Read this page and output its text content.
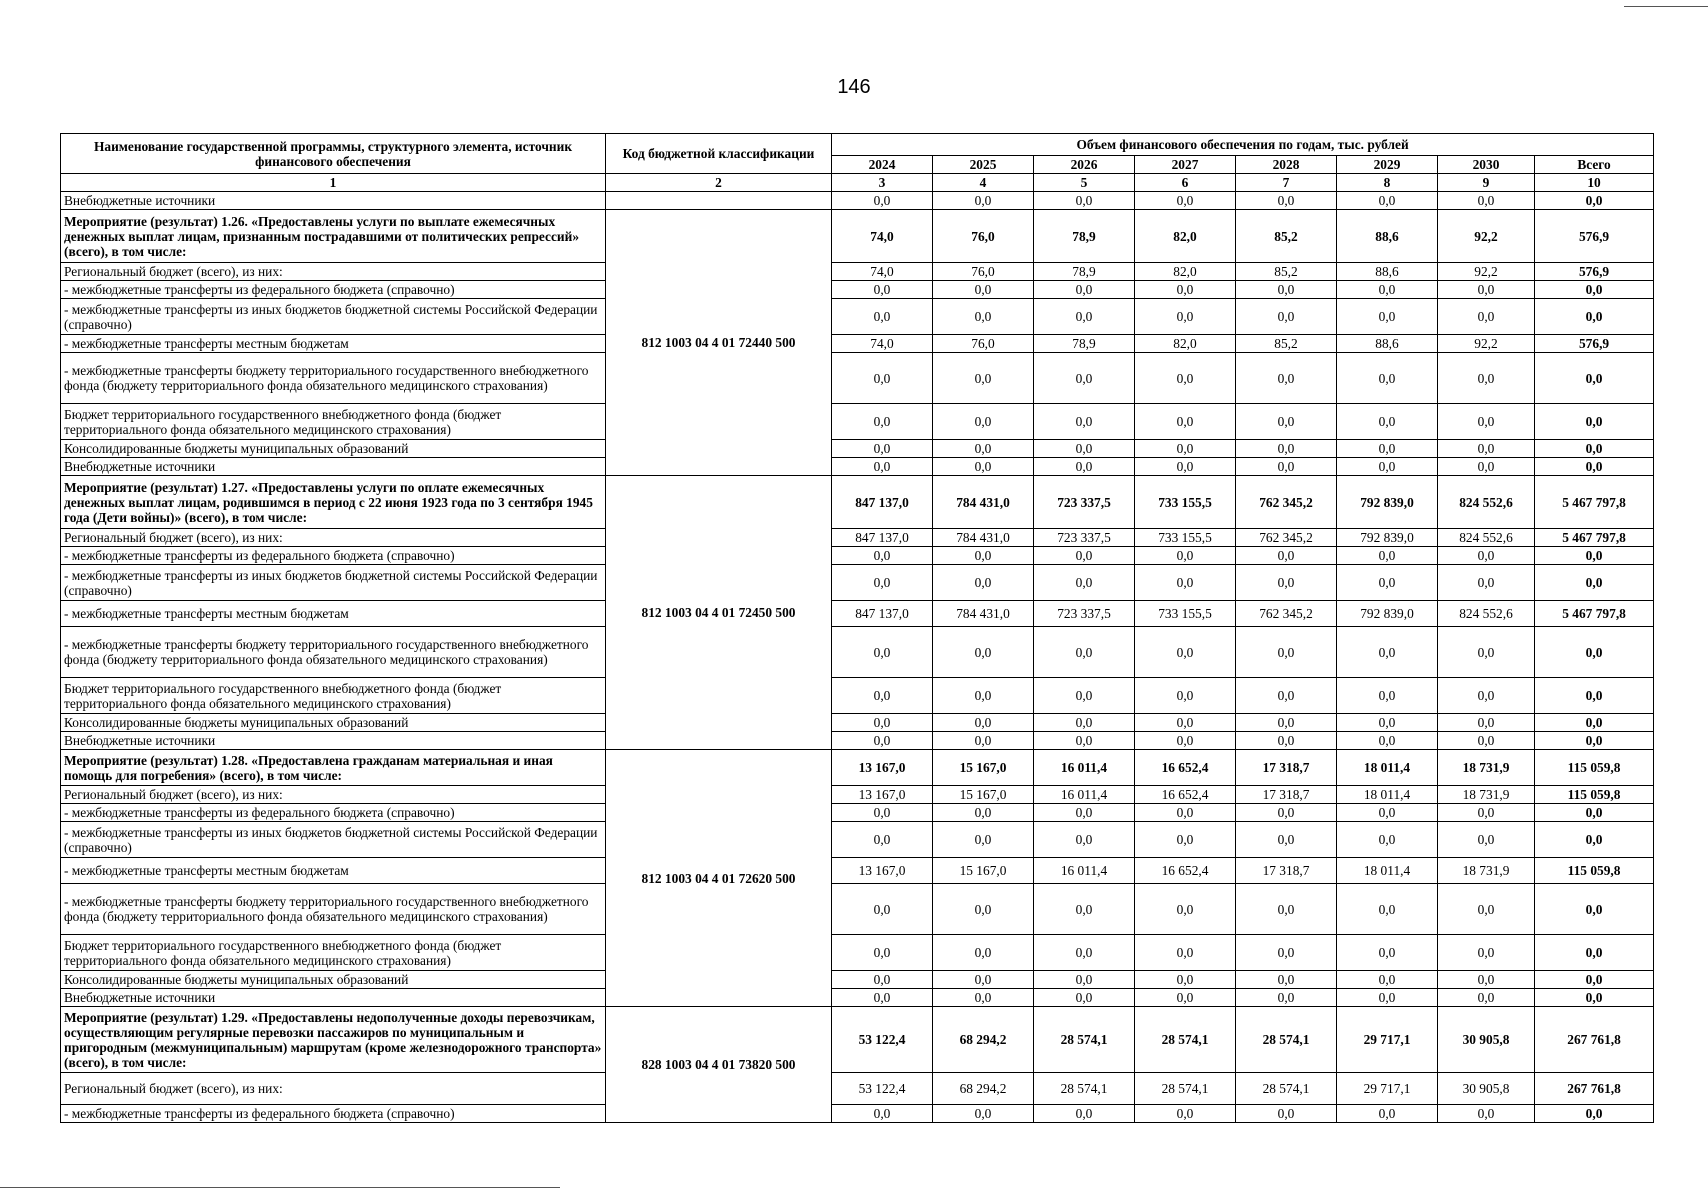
146
Наименование государственной программы, структурного элемента, источник финансового обеспечения	Код бюджетной классификации	Объем финансового обеспечения по годам, тыс. рублей							
		2024	2025	2026	2027	2028	2029	2030	Всего
1	2	3	4	5	6	7	8	9	10
Внебюджетные источники		0,0	0,0	0,0	0,0	0,0	0,0	0,0	0,0
Мероприятие (результат) 1.26. «Предоставлены услуги по выплате ежемесячных денежных выплат лицам, признанным пострадавшими от политических репрессий» (всего), в том числе:	812 1003 04 4 01 72440 500	74,0	76,0	78,9	82,0	85,2	88,6	92,2	576,9
Региональный бюджет (всего), из них:		74,0	76,0	78,9	82,0	85,2	88,6	92,2	576,9
- межбюджетные трансферты из федерального бюджета (справочно)		0,0	0,0	0,0	0,0	0,0	0,0	0,0	0,0
- межбюджетные трансферты из иных бюджетов бюджетной системы Российской Федерации (справочно)		0,0	0,0	0,0	0,0	0,0	0,0	0,0	0,0
- межбюджетные трансферты местным бюджетам		74,0	76,0	78,9	82,0	85,2	88,6	92,2	576,9
- межбюджетные трансферты бюджету территориального государственного внебюджетного фонда (бюджету территориального фонда обязательного медицинского страхования)		0,0	0,0	0,0	0,0	0,0	0,0	0,0	0,0
Бюджет территориального государственного внебюджетного фонда (бюджет территориального фонда обязательного медицинского страхования)		0,0	0,0	0,0	0,0	0,0	0,0	0,0	0,0
Консолидированные бюджеты муниципальных образований		0,0	0,0	0,0	0,0	0,0	0,0	0,0	0,0
Внебюджетные источники		0,0	0,0	0,0	0,0	0,0	0,0	0,0	0,0
Мероприятие (результат) 1.27. «Предоставлены услуги по оплате ежемесячных денежных выплат лицам, родившимся в период с 22 июня 1923 года по 3 сентября 1945 года (Дети войны)» (всего), в том числе:	812 1003 04 4 01 72450 500	847 137,0	784 431,0	723 337,5	733 155,5	762 345,2	792 839,0	824 552,6	5 467 797,8
Региональный бюджет (всего), из них:		847 137,0	784 431,0	723 337,5	733 155,5	762 345,2	792 839,0	824 552,6	5 467 797,8
- межбюджетные трансферты из федерального бюджета (справочно)		0,0	0,0	0,0	0,0	0,0	0,0	0,0	0,0
- межбюджетные трансферты из иных бюджетов бюджетной системы Российской Федерации (справочно)		0,0	0,0	0,0	0,0	0,0	0,0	0,0	0,0
- межбюджетные трансферты местным бюджетам		847 137,0	784 431,0	723 337,5	733 155,5	762 345,2	792 839,0	824 552,6	5 467 797,8
- межбюджетные трансферты бюджету территориального государственного внебюджетного фонда (бюджету территориального фонда обязательного медицинского страхования)		0,0	0,0	0,0	0,0	0,0	0,0	0,0	0,0
Бюджет территориального государственного внебюджетного фонда (бюджет территориального фонда обязательного медицинского страхования)		0,0	0,0	0,0	0,0	0,0	0,0	0,0	0,0
Консолидированные бюджеты муниципальных образований		0,0	0,0	0,0	0,0	0,0	0,0	0,0	0,0
Внебюджетные источники		0,0	0,0	0,0	0,0	0,0	0,0	0,0	0,0
Мероприятие (результат) 1.28. «Предоставлена гражданам материальная и иная помощь для погребения» (всего), в том числе:	812 1003 04 4 01 72620 500	13 167,0	15 167,0	16 011,4	16 652,4	17 318,7	18 011,4	18 731,9	115 059,8
Региональный бюджет (всего), из них:		13 167,0	15 167,0	16 011,4	16 652,4	17 318,7	18 011,4	18 731,9	115 059,8
- межбюджетные трансферты из федерального бюджета (справочно)		0,0	0,0	0,0	0,0	0,0	0,0	0,0	0,0
- межбюджетные трансферты из иных бюджетов бюджетной системы Российской Федерации (справочно)		0,0	0,0	0,0	0,0	0,0	0,0	0,0	0,0
- межбюджетные трансферты местным бюджетам		13 167,0	15 167,0	16 011,4	16 652,4	17 318,7	18 011,4	18 731,9	115 059,8
- межбюджетные трансферты бюджету территориального государственного внебюджетного фонда (бюджету территориального фонда обязательного медицинского страхования)		0,0	0,0	0,0	0,0	0,0	0,0	0,0	0,0
Бюджет территориального государственного внебюджетного фонда (бюджет территориального фонда обязательного медицинского страхования)		0,0	0,0	0,0	0,0	0,0	0,0	0,0	0,0
Консолидированные бюджеты муниципальных образований		0,0	0,0	0,0	0,0	0,0	0,0	0,0	0,0
Внебюджетные источники		0,0	0,0	0,0	0,0	0,0	0,0	0,0	0,0
Мероприятие (результат) 1.29. «Предоставлены недополученные доходы перевозчикам, осуществляющим регулярные перевозки пассажиров по муниципальным и пригородным (межмуниципальным) маршрутам (кроме железнодорожного транспорта» (всего), в том числе:	828 1003 04 4 01 73820 500	53 122,4	68 294,2	28 574,1	28 574,1	28 574,1	29 717,1	30 905,8	267 761,8
Региональный бюджет (всего), из них:		53 122,4	68 294,2	28 574,1	28 574,1	28 574,1	29 717,1	30 905,8	267 761,8
- межбюджетные трансферты из федерального бюджета (справочно)		0,0	0,0	0,0	0,0	0,0	0,0	0,0	0,0
